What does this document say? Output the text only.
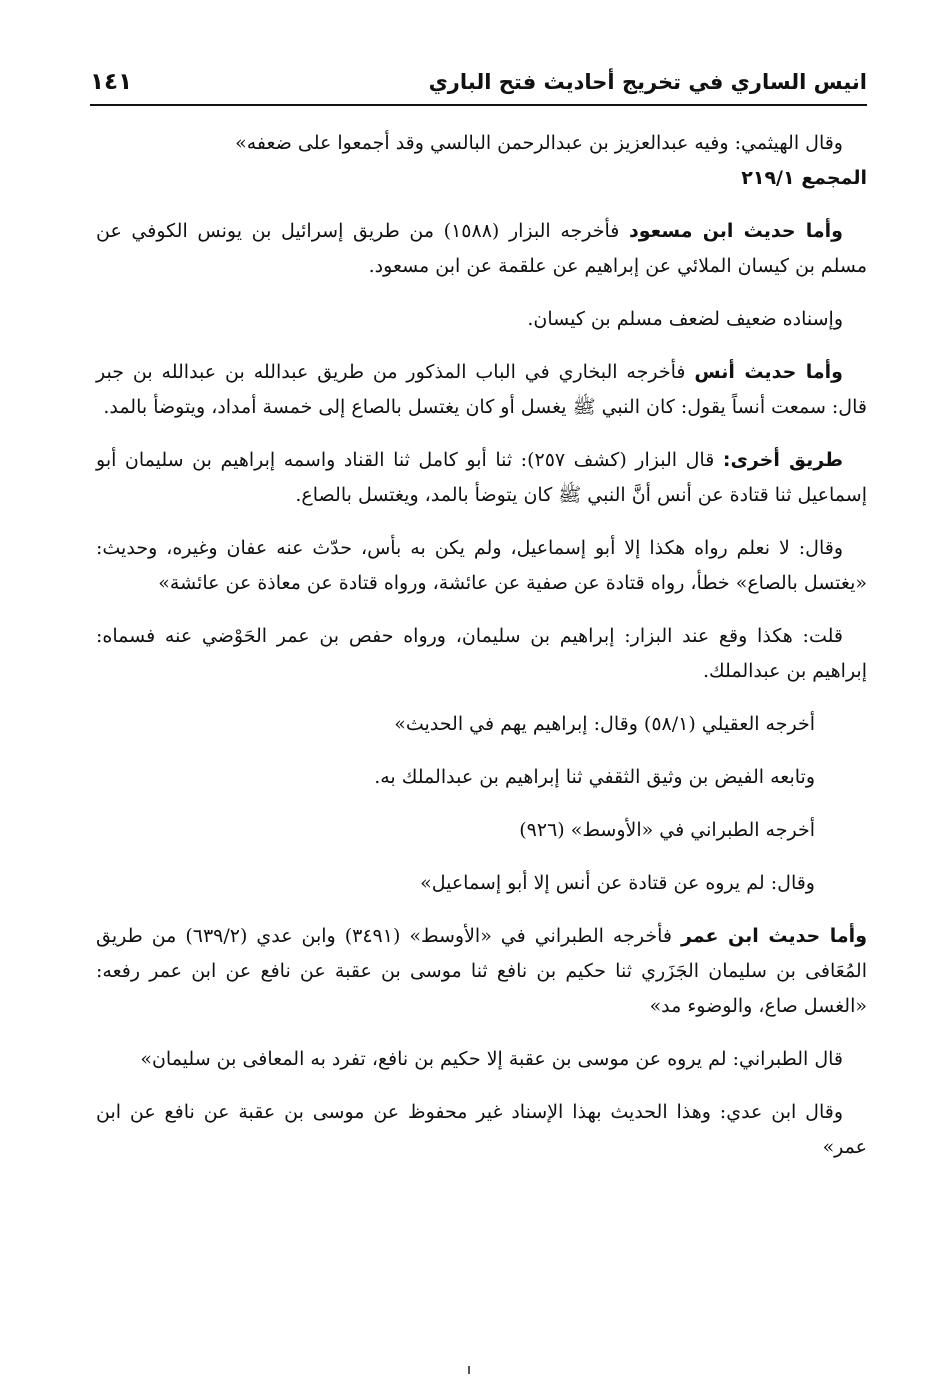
انيس الساري في تخريج أحاديث فتح الباري
١٤١

وقال الهيثمي: وفيه عبدالعزيز بن عبدالرحمن البالسي وقد أجمعوا على ضعفه»
المجمع ٢١٩/١

وأما حديث ابن مسعود فأخرجه البزار (١٥٨٨) من طريق إسرائيل بن يونس الكوفي عن مسلم بن كيسان الملائي عن إبراهيم عن علقمة عن ابن مسعود.

وإسناده ضعيف لضعف مسلم بن كيسان.

وأما حديث أنس فأخرجه البخاري في الباب المذكور من طريق عبدالله بن عبدالله بن جبر قال: سمعت أنساً يقول: كان النبي ﷺ يغسل أو كان يغتسل بالصاع إلى خمسة أمداد، ويتوضأ بالمد.

طريق أخرى: قال البزار (كشف ٢٥٧): ثنا أبو كامل ثنا القناد واسمه إبراهيم بن سليمان أبو إسماعيل ثنا قتادة عن أنس أنَّ النبي ﷺ كان يتوضأ بالمد، ويغتسل بالصاع.

وقال: لا نعلم رواه هكذا إلا أبو إسماعيل، ولم يكن به بأس، حدّث عنه عفان وغيره، وحديث: «يغتسل بالصاع» خطأ، رواه قتادة عن صفية عن عائشة، ورواه قتادة عن معاذة عن عائشة»

قلت: هكذا وقع عند البزار: إبراهيم بن سليمان، ورواه حفص بن عمر الحَوْضي عنه فسماه: إبراهيم بن عبدالملك.

أخرجه العقيلي (٥٨/١) وقال: إبراهيم يهم في الحديث»

وتابعه الفيض بن وثيق الثقفي ثنا إبراهيم بن عبدالملك به.

أخرجه الطبراني في «الأوسط» (٩٢٦)

وقال: لم يروه عن قتادة عن أنس إلا أبو إسماعيل»

وأما حديث ابن عمر فأخرجه الطبراني في «الأوسط» (٣٤٩١) وابن عدي (٦٣٩/٢) من طريق المُعَافى بن سليمان الجَزَري ثنا حكيم بن نافع ثنا موسى بن عقبة عن نافع عن ابن عمر رفعه: «الغسل صاع، والوضوء مد»

قال الطبراني: لم يروه عن موسى بن عقبة إلا حكيم بن نافع، تفرد به المعافى بن سليمان»

وقال ابن عدي: وهذا الحديث بهذا الإسناد غير محفوظ عن موسى بن عقبة عن نافع عن ابن عمر»
